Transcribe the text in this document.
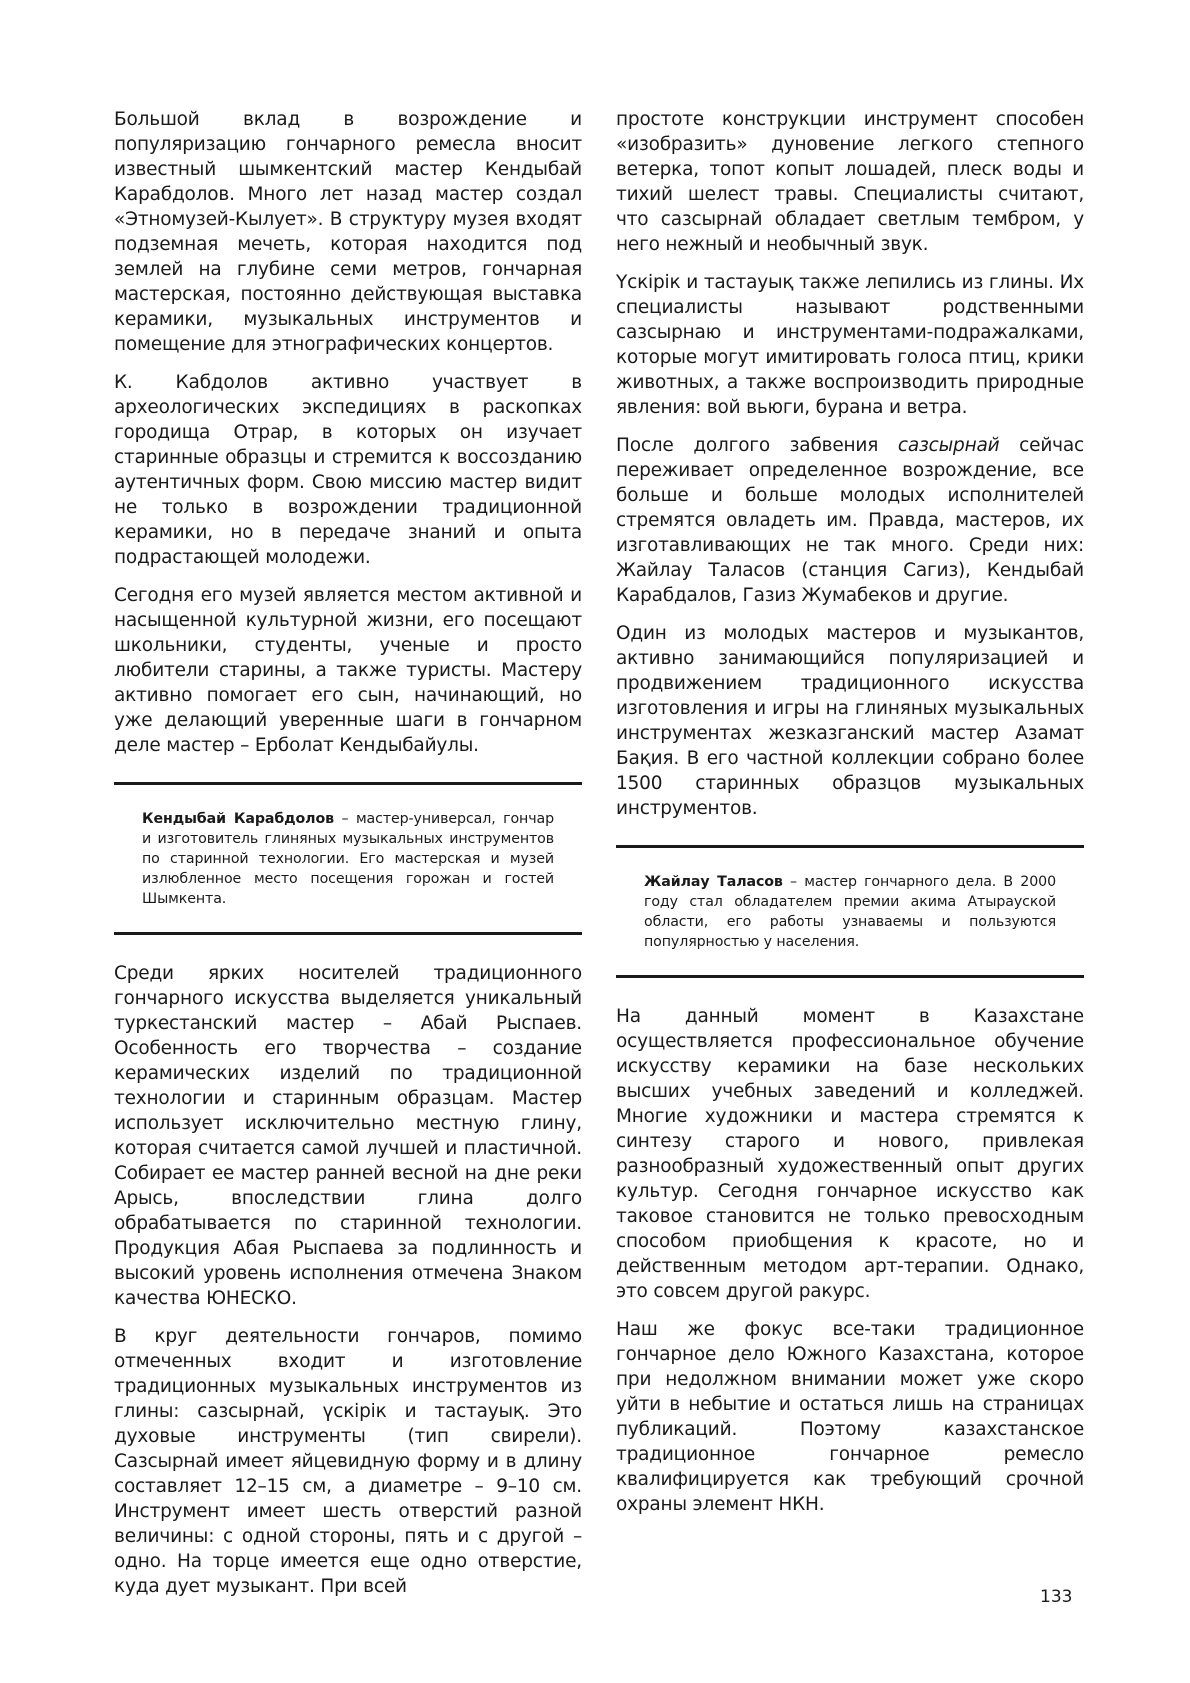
Большой вклад в возрождение и популяризацию гончарного ремесла вносит известный шымкентский мастер Кендыбай Карабдолов. Много лет назад мастер создал «Этномузей-Кылует». В структуру музея входят подземная мечеть, которая находится под землей на глубине семи метров, гончарная мастерская, постоянно действующая выставка керамики, музыкальных инструментов и помещение для этнографических концертов.

К. Кабдолов активно участвует в археологических экспедициях в раскопках городища Отрар, в которых он изучает старинные образцы и стремится к воссозданию аутентичных форм. Свою миссию мастер видит не только в возрождении традиционной керамики, но в передаче знаний и опыта подрастающей молодежи.

Сегодня его музей является местом активной и насыщенной культурной жизни, его посещают школьники, студенты, ученые и просто любители старины, а также туристы. Мастеру активно помогает его сын, начинающий, но уже делающий уверенные шаги в гончарном деле мастер – Ерболат Кендыбайулы.

Кендыбай Карабдолов – мастер-универсал, гончар и изготовитель глиняных музыкальных инструментов по старинной технологии. Его мастерская и музей излюбленное место посещения горожан и гостей Шымкента.

Среди ярких носителей традиционного гончарного искусства выделяется уникальный туркестанский мастер – Абай Рыспаев. Особенность его творчества – создание керамических изделий по традиционной технологии и старинным образцам. Мастер использует исключительно местную глину, которая считается самой лучшей и пластичной. Собирает ее мастер ранней весной на дне реки Арысь, впоследствии глина долго обрабатывается по старинной технологии. Продукция Абая Рыспаева за подлинность и высокий уровень исполнения отмечена Знаком качества ЮНЕСКО.

В круг деятельности гончаров, помимо отмеченных входит и изготовление традиционных музыкальных инструментов из глины: сазсырнай, үскірік и тастауық. Это духовые инструменты (тип свирели). Сазсырнай имеет яйцевидную форму и в длину составляет 12–15 см, а диаметре – 9–10 см. Инструмент имеет шесть отверстий разной величины: с одной стороны, пять и с другой – одно. На торце имеется еще одно отверстие, куда дует музыкант. При всей

простоте конструкции инструмент способен «изобразить» дуновение легкого степного ветерка, топот копыт лошадей, плеск воды и тихий шелест травы. Специалисты считают, что сазсырнай обладает светлым тембром, у него нежный и необычный звук.

Үскірік и тастауық также лепились из глины. Их специалисты называют родственными сазсырнаю и инструментами-подражалками, которые могут имитировать голоса птиц, крики животных, а также воспроизводить природные явления: вой вьюги, бурана и ветра.

После долгого забвения сазсырнай сейчас переживает определенное возрождение, все больше и больше молодых исполнителей стремятся овладеть им. Правда, мастеров, их изготавливающих не так много. Среди них: Жайлау Таласов (станция Сагиз), Кендыбай Карабдалов, Газиз Жумабеков и другие.

Один из молодых мастеров и музыкантов, активно занимающийся популяризацией и продвижением традиционного искусства изготовления и игры на глиняных музыкальных инструментах жезказганский мастер Азамат Бақия. В его частной коллекции собрано более 1500 старинных образцов музыкальных инструментов.

Жайлау Таласов – мастер гончарного дела. В 2000 году стал обладателем премии акима Атырауской области, его работы узнаваемы и пользуются популярностью у населения.

На данный момент в Казахстане осуществляется профессиональное обучение искусству керамики на базе нескольких высших учебных заведений и колледжей. Многие художники и мастера стремятся к синтезу старого и нового, привлекая разнообразный художественный опыт других культур. Сегодня гончарное искусство как таковое становится не только превосходным способом приобщения к красоте, но и действенным методом арт-терапии. Однако, это совсем другой ракурс.

Наш же фокус все-таки традиционное гончарное дело Южного Казахстана, которое при недолжном внимании может уже скоро уйти в небытие и остаться лишь на страницах публикаций. Поэтому казахстанское традиционное гончарное ремесло квалифицируется как требующий срочной охраны элемент НКН.

133
